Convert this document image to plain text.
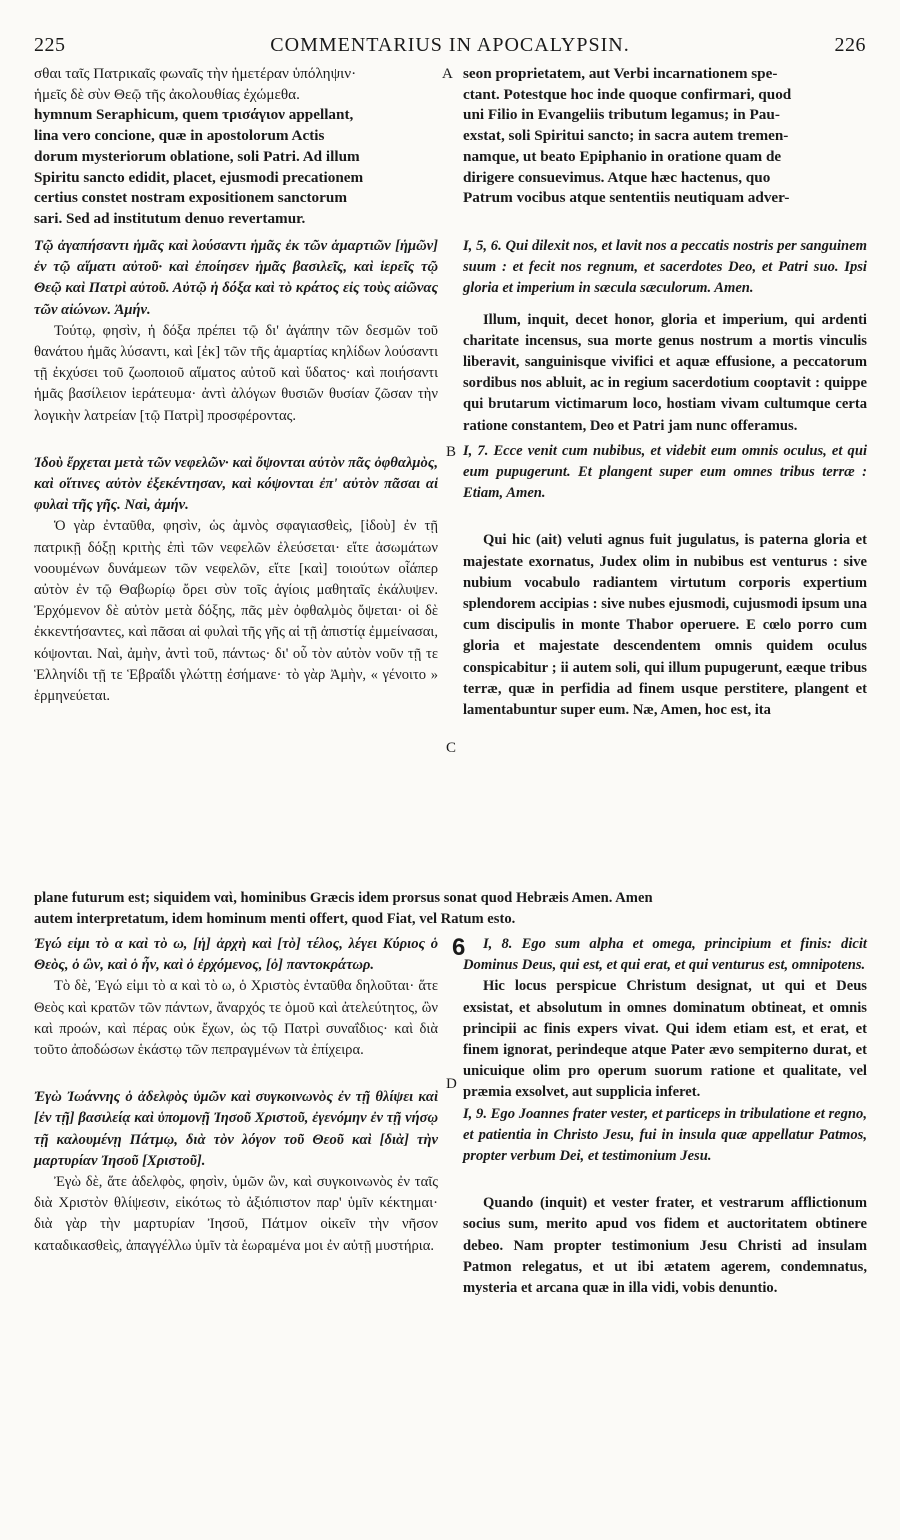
225	COMMENTARIUS IN APOCALYPSIN.	226

σθαι ταῖς Πατρικαῖς φωναῖς τὴν ἡμετέραν ὑπόληψιν·

ἡμεῖς δὲ σὺν Θεῷ τῆς ἀκολουθίας ἐχώμεθα.

hymnum Seraphicum, quem τρισάγιον appellant,

lina vero concione, quæ in apostolorum Actis

dorum mysteriorum oblatione, soli Patri. Ad illum

Spiritu sancto edidit, placet, ejusmodi precationem

certius constet nostram expositionem sanctorum

sari. Sed ad institutum denuo revertamur.

seon proprietatem, aut Verbi incarnationem spe-

ctant. Potestque hoc inde quoque confirmari, quod

uni Filio in Evangeliis tributum legamus; in Pau-

exstat, soli Spiritui sancto; in sacra autem tremen-

namque, ut beato Epiphanio in oratione quam de

dirigere consuevimus. Atque hæc hactenus, quo

Patrum vocibus atque sententiis neutiquam adver-

Τῷ ἀγαπήσαντι ἡμᾶς καὶ λούσαντι ἡμᾶς ἐκ τῶν ἁμαρτιῶν [ἡμῶν] ἐν τῷ αἵματι αὐτοῦ· καὶ ἐποίησεν ἡμᾶς βασιλεῖς, καὶ ἱερεῖς τῷ Θεῷ καὶ Πατρὶ αὐτοῦ. Αὐτῷ ἡ δόξα καὶ τὸ κράτος εἰς τοὺς αἰῶνας τῶν αἰώνων. Ἀμήν.

Τούτῳ, φησὶν, ἡ δόξα πρέπει τῷ δι' ἀγάπην τῶν δεσμῶν τοῦ θανάτου ἡμᾶς λύσαντι, καὶ [ἐκ] τῶν τῆς ἁμαρτίας κηλίδων λούσαντι τῇ ἐκχύσει τοῦ ζωοποιοῦ αἵματος αὐτοῦ καὶ ὕδατος· καὶ ποιήσαντι ἡμᾶς βασίλειον ἱεράτευμα· ἀντὶ ἀλόγων θυσιῶν θυσίαν ζῶσαν τὴν λογικὴν λατρείαν [τῷ Πατρὶ] προσφέροντας.

Ἰδοὺ ἔρχεται μετὰ τῶν νεφελῶν· καὶ ὄψονται αὐτὸν πᾶς ὀφθαλμὸς, καὶ οἵτινες αὐτὸν ἐξεκέντησαν, καὶ κόψονται ἐπ' αὐτὸν πᾶσαι αἱ φυλαὶ τῆς γῆς. Ναὶ, ἀμήν.

Ὁ γὰρ ἐνταῦθα, φησὶν, ὡς ἀμνὸς σφαγιασθεὶς, [ἰδοὺ] ἐν τῇ πατρικῇ δόξῃ κριτὴς ἐπὶ τῶν νεφελῶν ἐλεύσεται· εἴτε ἀσωμάτων νοουμένων δυνάμεων τῶν νεφελῶν, εἴτε [καὶ] τοιούτων οἷάπερ αὐτὸν ἐν τῷ Θαβωρίῳ ὄρει σὺν τοῖς ἁγίοις μαθηταῖς ἐκάλυψεν. Ἐρχόμενον δὲ αὐτὸν μετὰ δόξης, πᾶς μὲν ὀφθαλμὸς ὄψεται· οἱ δὲ ἐκκεντήσαντες, καὶ πᾶσαι αἱ φυλαὶ τῆς γῆς αἱ τῇ ἀπιστίᾳ ἐμμείνασαι, κόψονται. Ναὶ, ἀμὴν, ἀντὶ τοῦ, πάντως· δι' οὗ τὸν αὐτὸν νοῦν τῇ τε Ἑλληνίδι τῇ τε Ἑβραΐδι γλώττῃ ἐσήμανε· τὸ γὰρ Ἀμὴν, « γένοιτο » ἑρμηνεύεται.

I, 5, 6. Qui dilexit nos, et lavit nos a peccatis nostris per sanguinem suum : et fecit nos regnum, et sacerdotes Deo, et Patri suo. Ipsi gloria et imperium in sæcula sæculorum. Amen.

Illum, inquit, decet honor, gloria et imperium, qui ardenti charitate incensus, sua morte genus nostrum a mortis vinculis liberavit, sanguinisque vivifici et aquæ effusione, a peccatorum sordibus nos abluit, ac in regium sacerdotium cooptavit : quippe qui brutarum victimarum loco, hostiam vivam cultumque certa ratione constantem, Deo et Patri jam nunc offeramus.

I, 7. Ecce venit cum nubibus, et videbit eum omnis oculus, et qui eum pupugerunt. Et plangent super eum omnes tribus terræ : Etiam, Amen.

Qui hic (ait) veluti agnus fuit jugulatus, is paterna gloria et majestate exornatus, Judex olim in nubibus est venturus : sive nubium vocabulo radiantem virtutum corporis expertium splendorem accipias : sive nubes ejusmodi, cujusmodi ipsum una cum discipulis in monte Thabor operuere. E cœlo porro cum gloria et majestate descendentem omnis quidem oculus conspicabitur ; ii autem soli, qui illum pupugerunt, eæque tribus terræ, quæ in perfidia ad finem usque perstitere, plangent et lamentabuntur super eum. Næ, Amen, hoc est, ita

plane futurum est; siquidem ναὶ, hominibus Græcis idem prorsus sonat quod Hebræis Amen. Amen

autem interpretatum, idem hominum menti offert, quod Fiat, vel Ratum esto.

Ἐγώ εἰμι τὸ α καὶ τὸ ω, [ἡ] ἀρχὴ καὶ [τὸ] τέλος, λέγει Κύριος ὁ Θεὸς, ὁ ὢν, καὶ ὁ ἦν, καὶ ὁ ἐρχόμενος, [ὁ] παντοκράτωρ.

Τὸ δὲ, Ἐγώ εἰμι τὸ α καὶ τὸ ω, ὁ Χριστὸς ἐνταῦθα δηλοῦται· ἅτε Θεὸς καὶ κρατῶν τῶν πάντων, ἄναρχός τε ὁμοῦ καὶ ἀτελεύτητος, ὢν καὶ προών, καὶ πέρας οὐκ ἔχων, ὡς τῷ Πατρὶ συναΐδιος· καὶ διὰ τοῦτο ἀποδώσων ἑκάστῳ τῶν πεπραγμένων τὰ ἐπίχειρα.

Ἐγὼ Ἰωάννης ὁ ἀδελφὸς ὑμῶν καὶ συγκοινωνὸς ἐν τῇ θλίψει καὶ [ἐν τῇ] βασιλείᾳ καὶ ὑπομονῇ Ἰησοῦ Χριστοῦ, ἐγενόμην ἐν τῇ νήσῳ τῇ καλουμένῃ Πάτμῳ, διὰ τὸν λόγον τοῦ Θεοῦ καὶ [διὰ] τὴν μαρτυρίαν Ἰησοῦ [Χριστοῦ].

Ἐγὼ δὲ, ἅτε ἀδελφὸς, φησὶν, ὑμῶν ὢν, καὶ συγκοινωνὸς ἐν ταῖς διὰ Χριστὸν θλίψεσιν, εἰκότως τὸ ἀξιόπιστον παρ' ὑμῖν κέκτημαι· διὰ γὰρ τὴν μαρτυρίαν Ἰησοῦ, Πάτμον οἰκεῖν τὴν νῆσον καταδικασθεὶς, ἀπαγγέλλω ὑμῖν τὰ ἑωραμένα μοι ἐν αὐτῇ μυστήρια.

I, 8. Ego sum alpha et omega, principium et finis: dicit Dominus Deus, qui est, et qui erat, et qui venturus est, omnipotens.

Hic locus perspicue Christum designat, ut qui et Deus exsistat, et absolutum in omnes dominatum obtineat, et omnis principii ac finis expers vivat. Qui idem etiam est, et erat, et finem ignorat, perindeque atque Pater ævo sempiterno durat, et unicuique olim pro operum suorum ratione et qualitate, vel præmia exsolvet, aut supplicia inferet.

I, 9. Ego Joannes frater vester, et particeps in tribulatione et regno, et patientia in Christo Jesu, fui in insula quæ appellatur Patmos, propter verbum Dei, et testimonium Jesu.

Quando (inquit) et vester frater, et vestrarum afflictionum socius sum, merito apud vos fidem et auctoritatem obtinere debeo. Nam propter testimonium Jesu Christi ad insulam Patmon relegatus, et ut ibi ætatem agerem, condemnatus, mysteria et arcana quæ in illa vidi, vobis denuntio.

A
B
C
D
6
